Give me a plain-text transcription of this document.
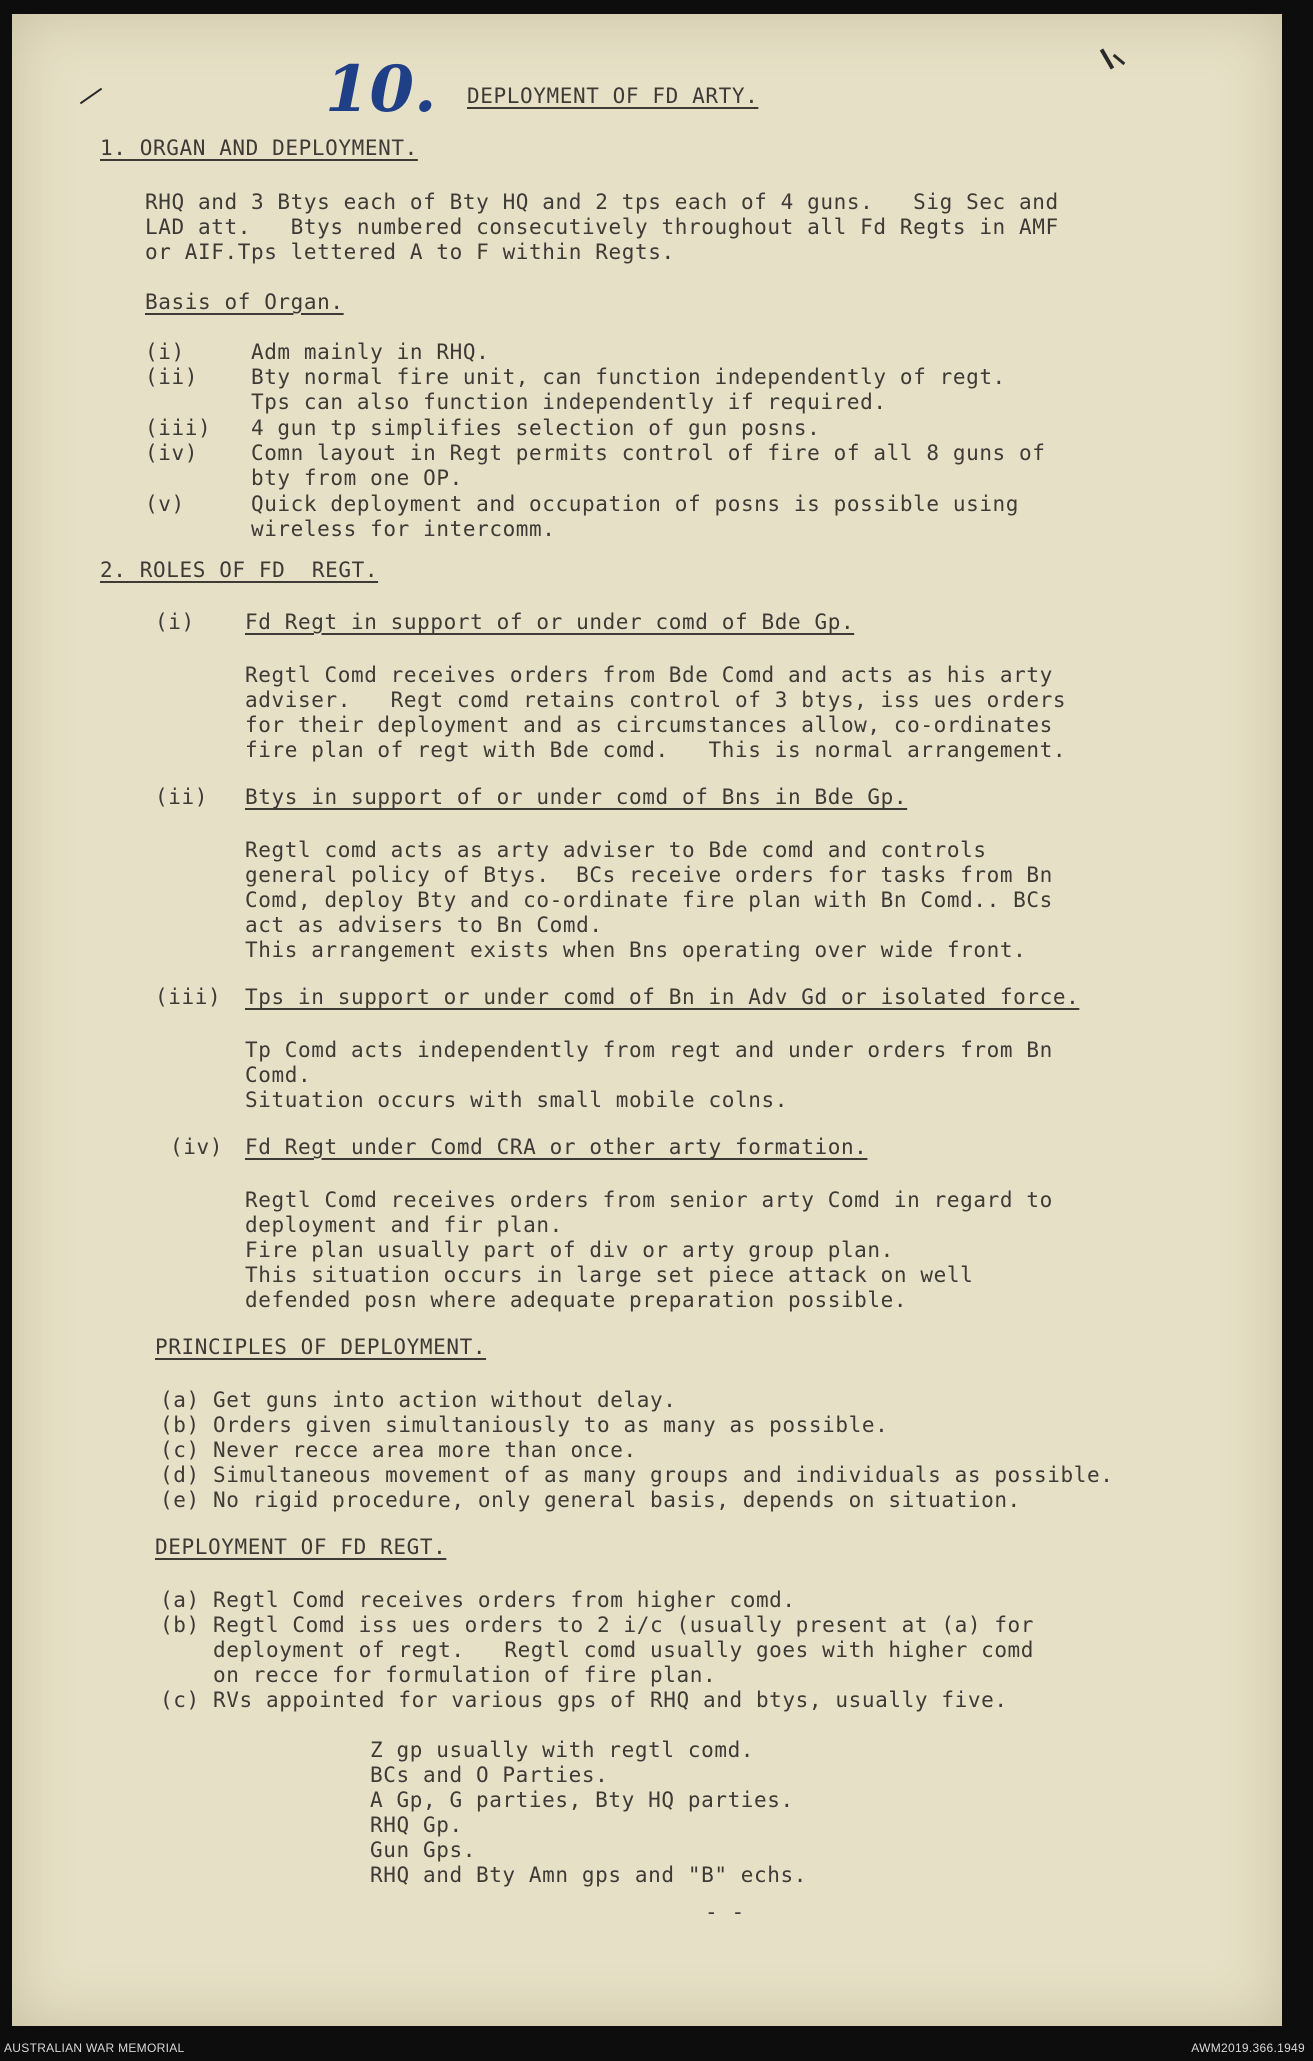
10. DEPLOYMENT OF FD ARTY.
1. ORGAN AND DEPLOYMENT.
RHQ and 3 Btys each of Bty HQ and 2 tps each of 4 guns.   Sig Sec and
LAD att.   Btys numbered consecutively throughout all Fd Regts in AMF
or AIF.Tps lettered A to F within Regts.
Basis of Organ.
(i)     Adm mainly in RHQ.
(ii)    Bty normal fire unit, can function independently of regt.
Tps can also function independently if required.
(iii)   4 gun tp simplifies selection of gun posns.
(iv)    Comn layout in Regt permits control of fire of all 8 guns of
bty from one OP.
(v)     Quick deployment and occupation of posns is possible using
wireless for intercomm.
2. ROLES OF FD  REGT.
(i) Fd Regt in support of or under comd of Bde Gp.
Regtl Comd receives orders from Bde Comd and acts as his arty
adviser.   Regt comd retains control of 3 btys, iss ues orders
for their deployment and as circumstances allow, co-ordinates
fire plan of regt with Bde comd.   This is normal arrangement.
(ii) Btys in support of or under comd of Bns in Bde Gp.
Regtl comd acts as arty adviser to Bde comd and controls
general policy of Btys.  BCs receive orders for tasks from Bn
Comd, deploy Bty and co-ordinate fire plan with Bn Comd.. BCs
act as advisers to Bn Comd.
This arrangement exists when Bns operating over wide front.
(iii) Tps in support or under comd of Bn in Adv Gd or isolated force.
Tp Comd acts independently from regt and under orders from Bn
Comd.
Situation occurs with small mobile colns.
(iv) Fd Regt under Comd CRA or other arty formation.
Regtl Comd receives orders from senior arty Comd in regard to
deployment and fir plan.
Fire plan usually part of div or arty group plan.
This situation occurs in large set piece attack on well
defended posn where adequate preparation possible.
PRINCIPLES OF DEPLOYMENT.
(a) Get guns into action without delay.
(b) Orders given simultaniously to as many as possible.
(c) Never recce area more than once.
(d) Simultaneous movement of as many groups and individuals as possible.
(e) No rigid procedure, only general basis, depends on situation.
DEPLOYMENT OF FD REGT.
(a) Regtl Comd receives orders from higher comd.
(b) Regtl Comd iss ues orders to 2 i/c (usually present at (a) for
deployment of regt.   Regtl comd usually goes with higher comd
on recce for formulation of fire plan.
(c) RVs appointed for various gps of RHQ and btys, usually five.
Z gp usually with regtl comd.
BCs and O Parties.
A Gp, G parties, Bty HQ parties.
RHQ Gp.
Gun Gps.
RHQ and Bty Amn gps and "B" echs.
- -
AUSTRALIAN WAR MEMORIAL	AWM2019.366.1949
